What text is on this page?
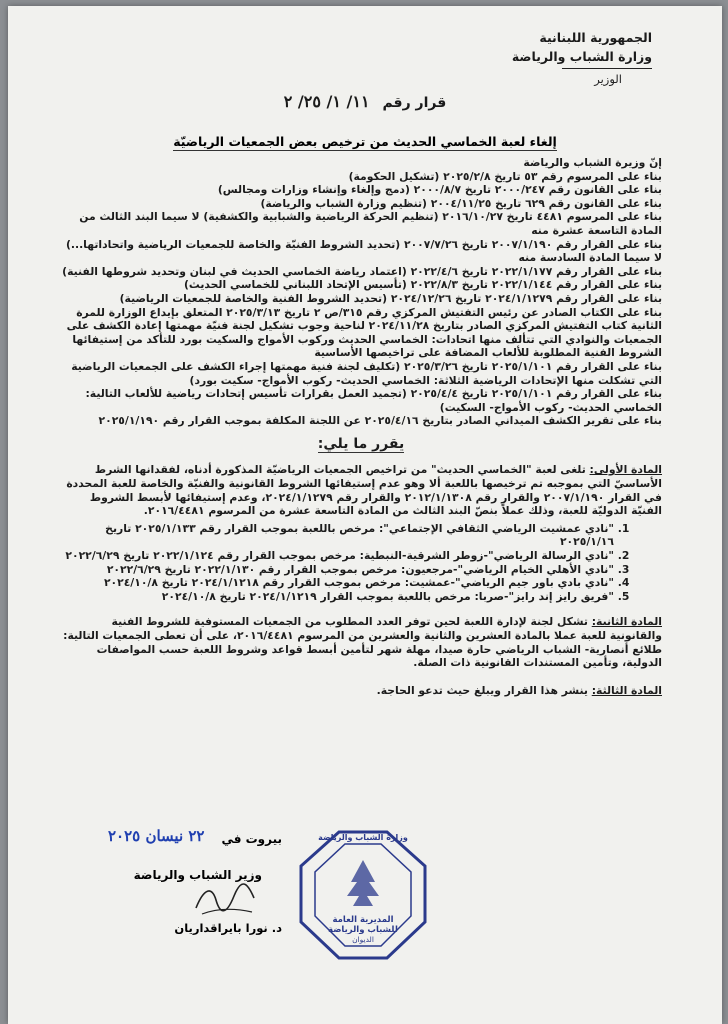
الجمهورية اللبنانية
وزارة الشباب والرياضة
الوزير
قرار رقم ١١/ ١/ ٢٥/ ٢
إلغاء لعبة الخماسي الحديث من ترخيص بعض الجمعيات الرياضيّة

إنّ وزيرة الشباب والرياضة

بناء على المرسوم رقم ٥٣ تاريخ ٢٠٢٥/٢/٨ (تشكيل الحكومة)

بناء على القانون رقم ٢٠٠٠/٢٤٧ تاريخ ٢٠٠٠/٨/٧ (دمج وإلغاء وإنشاء وزارات ومجالس)

بناء على القانون رقم ٦٢٩ تاريخ ٢٠٠٤/١١/٢٥ (تنظيم وزارة الشباب والرياضة)

بناء على المرسوم ٤٤٨١ تاريخ ٢٠١٦/١٠/٢٧ (تنظيم الحركة الرياضية والشبابية والكشفية) لا سيما البند الثالث من المادة التاسعة عشرة منه

بناء على القرار رقم ٢٠٠٧/١/١٩٠ تاريخ ٢٠٠٧/٧/٢٦ (تحديد الشروط الفنيّة والخاصة للجمعيات الرياضية واتحاداتها...) لا سيما المادة السادسة منه

بناء على القرار رقم ٢٠٢٢/١/١٧٧ تاريخ ٢٠٢٢/٤/٦ (اعتماد رياضة الخماسي الحديث في لبنان وتحديد شروطها الفنية)

بناء على القرار رقم ٢٠٢٢/١/١٤٤ تاريخ ٢٠٢٢/٨/٣ (تأسيس الإتحاد اللبناني للخماسي الحديث)

بناء على القرار رقم ٢٠٢٤/١/١٢٧٩ تاريخ ٢٠٢٤/١٢/٢٦ (تحديد الشروط الفنية والخاصة للجمعيات الرياضية)

بناء على الكتاب الصادر عن رئيس التفتيش المركزي رقم ٣١٥/ص ٢ تاريخ ٢٠٢٥/٣/١٣ المتعلق بإيداع الوزارة للمرة الثانية كتاب التفتيش المركزي الصادر بتاريخ ٢٠٢٤/١١/٢٨ لناحية وجوب تشكيل لجنة فنيّة مهمتها إعادة الكشف على الجمعيات والنوادي التي تتألف منها اتحادات: الخماسي الحديث وركوب الأمواج والسكيت بورد للتأكد من إستيفائها الشروط الفنية المطلوبة للألعاب المضافة على تراخيصها الأساسية

بناء على القرار رقم ٢٠٢٥/١/١٠١ تاريخ ٢٠٢٥/٣/٢٦ (تكليف لجنة فنية مهمتها إجراء الكشف على الجمعيات الرياضية التي تشكلت منها الإتحادات الرياضية الثلاثة: الخماسي الحديث- ركوب الأمواج- سكيت بورد)

بناء على القرار رقم ٢٠٢٥/١/١٠١ تاريخ ٢٠٢٥/٤/٤ (تجميد العمل بقرارات تأسيس إتحادات رياضية للألعاب التالية: الخماسي الحديث- ركوب الأمواج- السكيت)

بناء على تقرير الكشف الميداني الصادر بتاريخ ٢٠٢٥/٤/١٦ عن اللجنة المكلفة بموجب القرار رقم ٢٠٢٥/١/١٩٠

يقرر ما يلي:

المادة الأولى: تلغى لعبة "الخماسي الحديث" من تراخيص الجمعيات الرياضيّة المذكورة أدناه، لفقدانها الشرط الأساسيّ التي بموجبه تم ترخيصها باللعبة ألا وهو عدم إستيفائها الشروط القانونية والفنيّة والخاصة للعبة المحددة في القرار ٢٠٠٧/١/١٩٠ والقرار رقم ٢٠١٢/١/١٣٠٨ والقرار رقم ٢٠٢٤/١/١٢٧٩، وعدم إستيفائها لأبسط الشروط الفنيّة الدوليّة للعبة، وذلك عملاً بنصّ البند الثالث من المادة التاسعة عشرة من المرسوم ٢٠١٦/٤٤٨١.

1. "نادي عمشيت الرياضي الثقافي الإجتماعي": مرخص باللعبة بموجب القرار رقم ٢٠٢٥/١/١٣٣ تاريخ ٢٠٢٥/١/١٦
2. "نادي الرسالة الرياضي"-زوطر الشرقية-النبطية: مرخص بموجب القرار رقم ٢٠٢٢/١/١٢٤ تاريخ ٢٠٢٢/٦/٢٩
3. "نادي الأهلي الخيام الرياضي"-مرجعيون: مرخص بموجب القرار رقم ٢٠٢٢/١/١٣٠ تاريخ ٢٠٢٢/٦/٢٩
4. "نادي بادي باور جيم الرياضي"-عمشيت: مرخص بموجب القرار رقم ٢٠٢٤/١/١٢١٨ تاريخ ٢٠٢٤/١٠/٨
5. "فريق رايز إند رايز"-صربا: مرخص باللعبة بموجب القرار ٢٠٢٤/١/١٢١٩ تاريخ ٢٠٢٤/١٠/٨

المادة الثانية: تشكل لجنة لإدارة اللعبة لحين توفر العدد المطلوب من الجمعيات المستوفية للشروط الفنية والقانونية للعبة عملا بالمادة العشرين والثانية والعشرين من المرسوم ٢٠١٦/٤٤٨١، على أن تعطى الجمعيات التالية: طلائع أنصارية- الشباب الرياضي حارة صيدا، مهلة شهر لتأمين أبسط قواعد وشروط اللعبة حسب المواصفات الدولية، وتأمين المستندات القانونية ذات الصلة.

المادة الثالثة: ينشر هذا القرار ويبلغ حيث تدعو الحاجة.

بيروت في
٢٢ نيسان ٢٠٢٥
وزير الشباب والرياضة
د. نورا بايراقداريان
المديرية العامة
للشباب والرياضة
الديوان
وزارة الشباب والرياضة
